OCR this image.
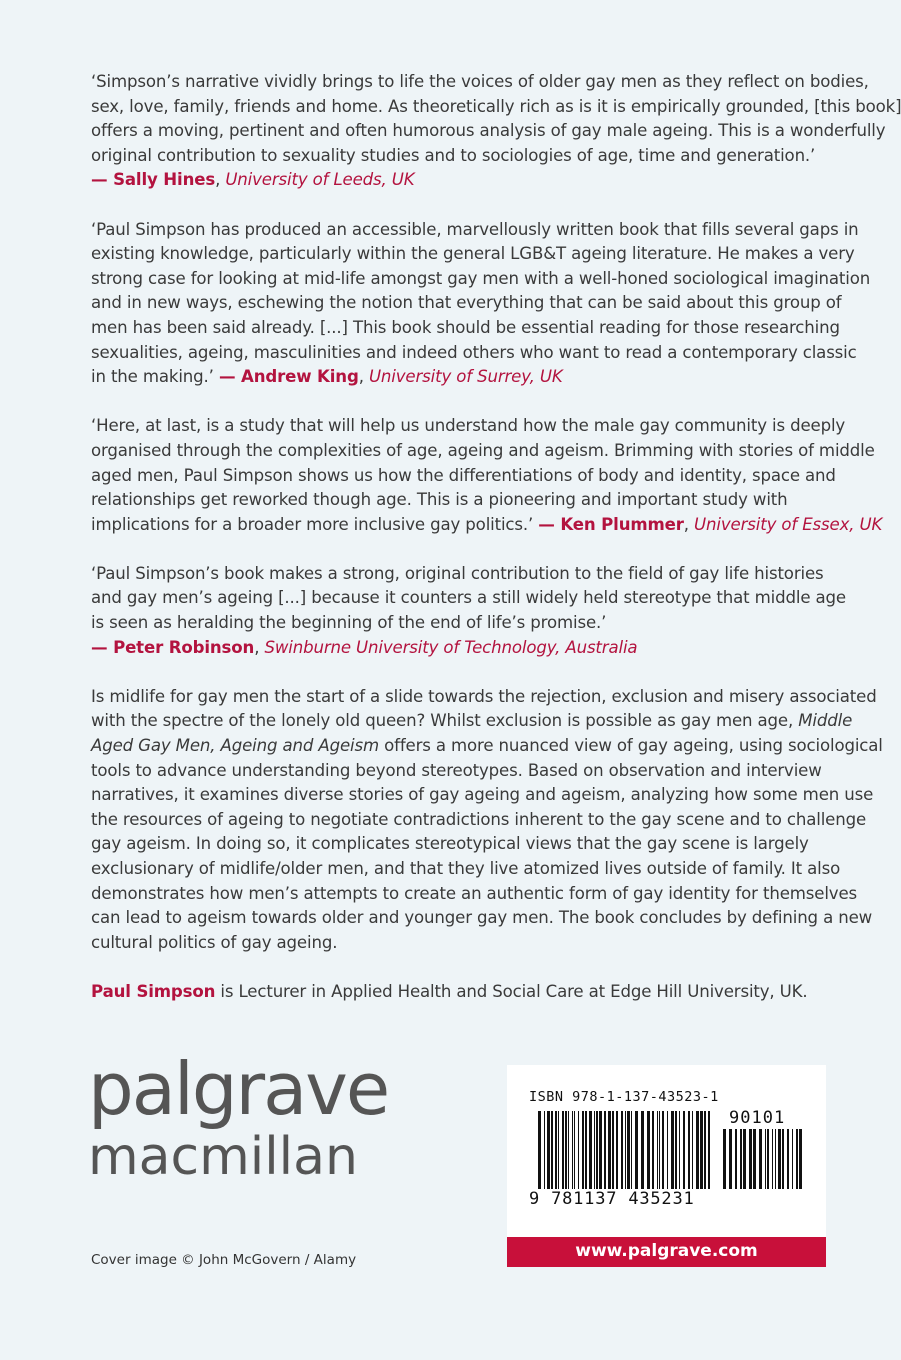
‘Simpson’s narrative vividly brings to life the voices of older gay men as they reflect on bodies,
sex, love, family, friends and home. As theoretically rich as is it is empirically grounded, [this book]
offers a moving, pertinent and often humorous analysis of gay male ageing. This is a wonderfully
original contribution to sexuality studies and to sociologies of age, time and generation.’
— Sally Hines, University of Leeds, UK
‘Paul Simpson has produced an accessible, marvellously written book that fills several gaps in
existing knowledge, particularly within the general LGB&T ageing literature. He makes a very
strong case for looking at mid-life amongst gay men with a well-honed sociological imagination
and in new ways, eschewing the notion that everything that can be said about this group of
men has been said already. [...] This book should be essential reading for those researching
sexualities, ageing, masculinities and indeed others who want to read a contemporary classic
in the making.’ — Andrew King, University of Surrey, UK
‘Here, at last, is a study that will help us understand how the male gay community is deeply
organised through the complexities of age, ageing and ageism. Brimming with stories of middle
aged men, Paul Simpson shows us how the differentiations of body and identity, space and
relationships get reworked though age. This is a pioneering and important study with
implications for a broader more inclusive gay politics.’ — Ken Plummer, University of Essex, UK
‘Paul Simpson’s book makes a strong, original contribution to the field of gay life histories
and gay men’s ageing [...] because it counters a still widely held stereotype that middle age
is seen as heralding the beginning of the end of life’s promise.’
— Peter Robinson, Swinburne University of Technology, Australia
Is midlife for gay men the start of a slide towards the rejection, exclusion and misery associated
with the spectre of the lonely old queen? Whilst exclusion is possible as gay men age, Middle
Aged Gay Men, Ageing and Ageism offers a more nuanced view of gay ageing, using sociological
tools to advance understanding beyond stereotypes. Based on observation and interview
narratives, it examines diverse stories of gay ageing and ageism, analyzing how some men use
the resources of ageing to negotiate contradictions inherent to the gay scene and to challenge
gay ageism. In doing so, it complicates stereotypical views that the gay scene is largely
exclusionary of midlife/older men, and that they live atomized lives outside of family. It also
demonstrates how men’s attempts to create an authentic form of gay identity for themselves
can lead to ageism towards older and younger gay men. The book concludes by defining a new
cultural politics of gay ageing.
Paul Simpson is Lecturer in Applied Health and Social Care at Edge Hill University, UK.
palgrave
macmillan
Cover image © John McGovern / Alamy
ISBN 978-1-137-43523-1
90101
9 781137 435231
www.palgrave.com
